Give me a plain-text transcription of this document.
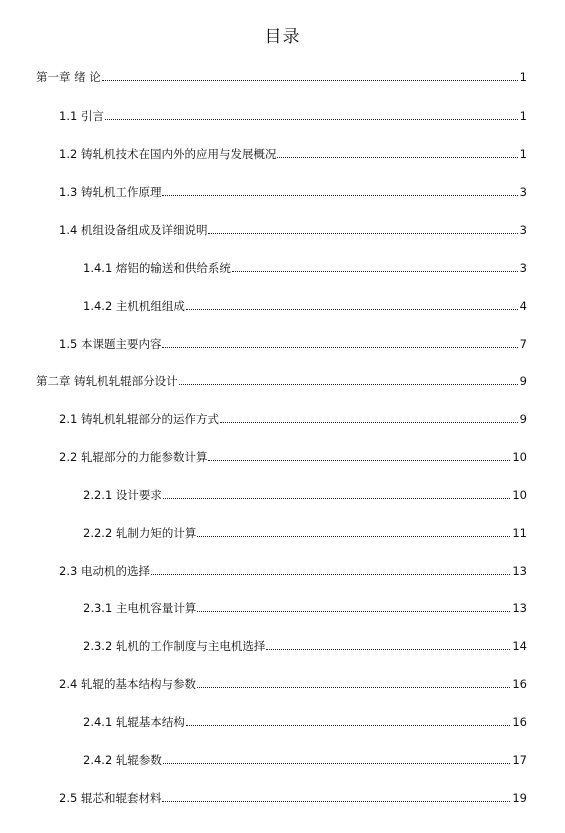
目录
第一章 绪 论	1
1.1 引言	1
1.2 铸轧机技术在国内外的应用与发展概况	1
1.3 铸轧机工作原理	3
1.4 机组设备组成及详细说明	3
1.4.1 熔铝的输送和供给系统	3
1.4.2 主机机组组成	4
1.5 本课题主要内容	7
第二章 铸轧机轧辊部分设计	9
2.1 铸轧机轧辊部分的运作方式	9
2.2 轧辊部分的力能参数计算	10
2.2.1 设计要求	10
2.2.2 轧制力矩的计算	11
2.3 电动机的选择	13
2.3.1 主电机容量计算	13
2.3.2 轧机的工作制度与主电机选择	14
2.4 轧辊的基本结构与参数	16
2.4.1 轧辊基本结构	16
2.4.2 轧辊参数	17
2.5 辊芯和辊套材料	19
